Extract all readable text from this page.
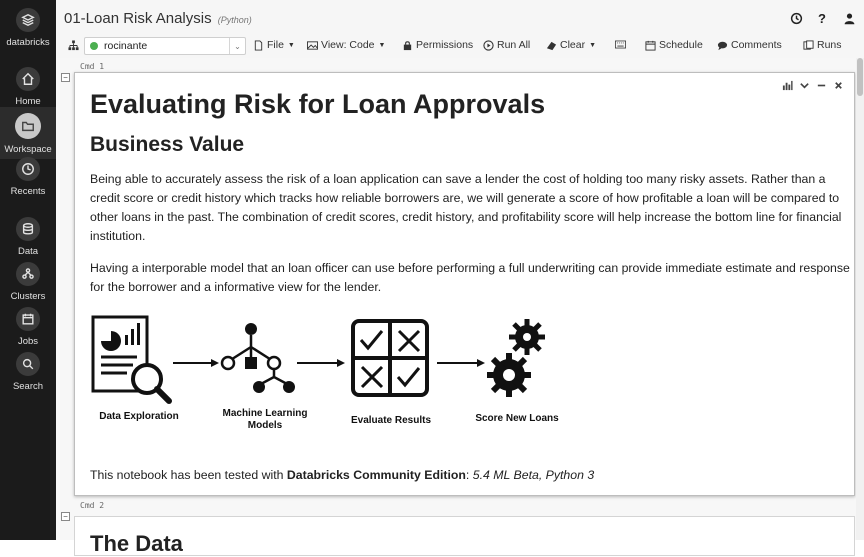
databricks
Home
Workspace
Recents
Data
Clusters
Jobs
Search
01-Loan Risk Analysis (Python)	?
rocinante	⌄	File ▼ View: Code ▼	Permissions Run All	Clear ▼	Schedule	Comments	Runs
Cmd 1
−
Evaluating Risk for Loan Approvals
Business Value
Being able to accurately assess the risk of a loan application can save a lender the cost of holding too many risky assets. Rather than a credit score or credit history which tracks how reliable borrowers are, we will generate a score of how profitable a loan will be compared to other loans in the past. The combination of credit scores, credit history, and profitability score will help increase the bottom line for financial institution.
Having a interporable model that an loan officer can use before performing a full underwriting can provide immediate estimate and response for the borrower and a informative view for the lender.
Data Exploration	Machine Learning
Models	Evaluate Results	Score New Loans
This notebook has been tested with Databricks Community Edition: 5.4 ML Beta, Python 3
Cmd 2
−
The Data
